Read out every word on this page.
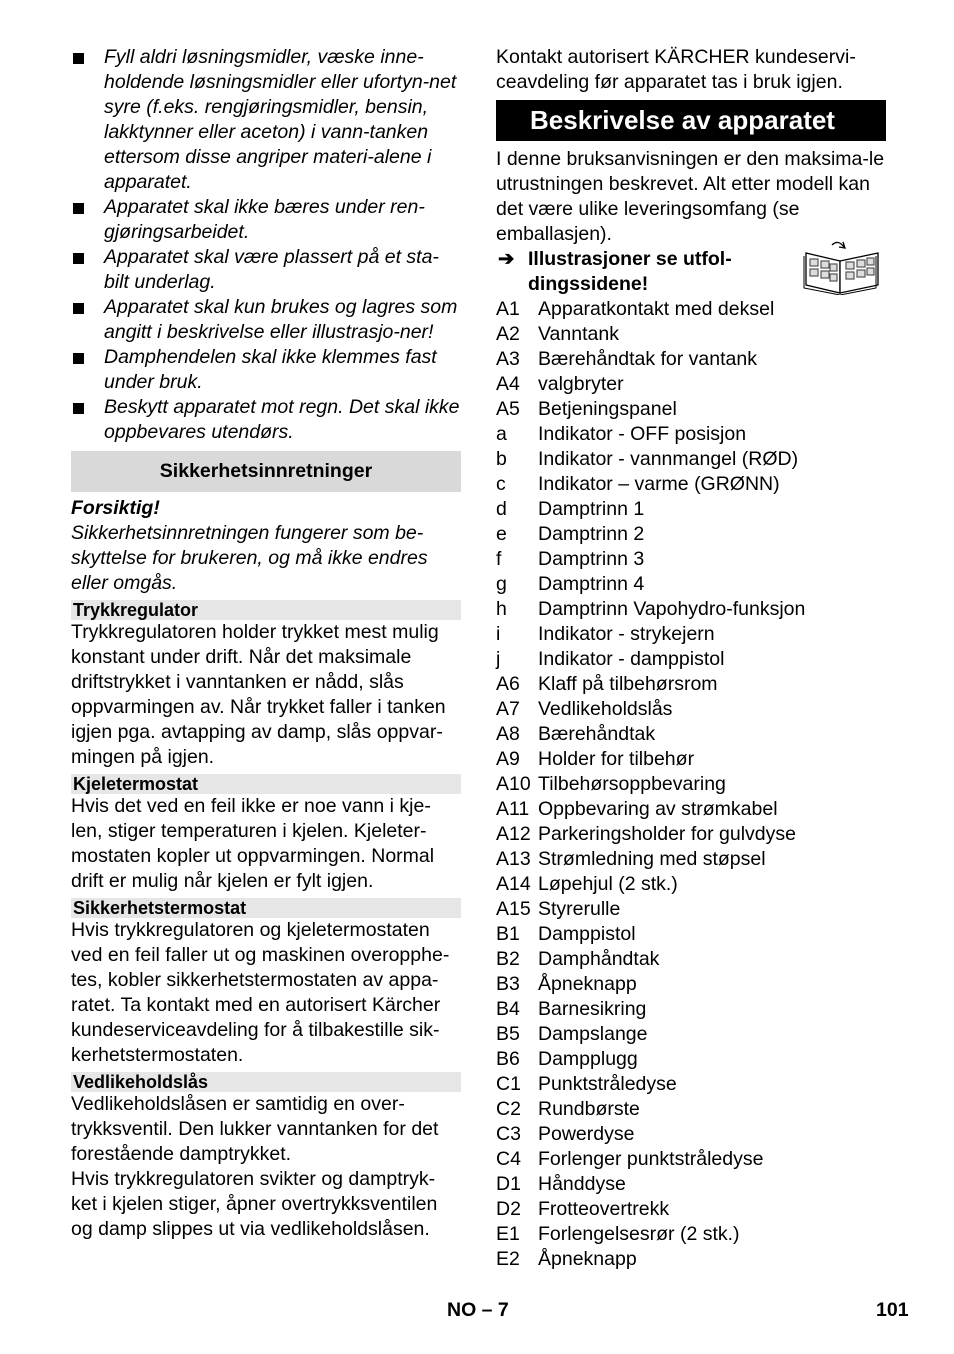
Fyll aldri løsningsmidler, væske inne-holdende løsningsmidler eller ufortyn-net syre (f.eks. rengjøringsmidler, bensin, lakktynner eller aceton) i vann-tanken ettersom disse angriper materi-alene i apparatet.
Apparatet skal ikke bæres under ren-gjøringsarbeidet.
Apparatet skal være plassert på et sta-bilt underlag.
Apparatet skal kun brukes og lagres som angitt i beskrivelse eller illustrasjo-ner!
Damphendelen skal ikke klemmes fast under bruk.
Beskytt apparatet mot regn. Det skal ikke oppbevares utendørs.
Sikkerhetsinnretninger
Forsiktig!

Sikkerhetsinnretningen fungerer som be-skyttelse for brukeren, og må ikke endres eller omgås.

Trykkregulator

Trykkregulatoren holder trykket mest mulig konstant under drift. Når det maksimale driftstrykket i vanntanken er nådd, slås oppvarmingen av. Når trykket faller i tanken igjen pga. avtapping av damp, slås oppvar-mingen på igjen.

Kjeletermostat

Hvis det ved en feil ikke er noe vann i kje-len, stiger temperaturen i kjelen. Kjeleter-mostaten kopler ut oppvarmingen. Normal drift er mulig når kjelen er fylt igjen.

Sikkerhetstermostat

Hvis trykkregulatoren og kjeletermostaten ved en feil faller ut og maskinen overopphe-tes, kobler sikkerhetstermostaten av appa-ratet. Ta kontakt med en autorisert Kärcher kundeserviceavdeling for å tilbakestille sik-kerhetstermostaten.

Vedlikeholdslås

Vedlikeholdslåsen er samtidig en over-trykksventil. Den lukker vanntanken for det forestående damptrykket.

Hvis trykkregulatoren svikter og damptryk-ket i kjelen stiger, åpner overtrykksventilen og damp slippes ut via vedlikeholdslåsen.

Kontakt autorisert KÄRCHER kundeservi-ceavdeling før apparatet tas i bruk igjen.

Beskrivelse av apparatet

I denne bruksanvisningen er den maksima-le utrustningen beskrevet. Alt etter modell kan det være ulike leveringsomfang (se emballasjen).

➔ Illustrasjoner se utfol-dingssidene!
A1 Apparatkontakt med deksel
A2 Vanntank
A3 Bærehåndtak for vantank
A4 valgbryter
A5 Betjeningspanel
a	Indikator - OFF posisjon
b	Indikator - vannmangel (RØD)
c	Indikator – varme (GRØNN)
d	Damptrinn 1
e	Damptrinn 2
f	Damptrinn 3
g	Damptrinn 4
h	Damptrinn Vapohydro-funksjon
i	Indikator - strykejern
j	Indikator - damppistol
A6 Klaff på tilbehørsrom
A7 Vedlikeholdslås
A8 Bærehåndtak
A9 Holder for tilbehør
A10 Tilbehørsoppbevaring
A11 Oppbevaring av strømkabel
A12 Parkeringsholder for gulvdyse
A13 Strømledning med støpsel
A14 Løpehjul (2 stk.)
A15 Styrerulle
B1 Damppistol
B2 Damphåndtak
B3 Åpneknapp
B4 Barnesikring
B5 Dampslange
B6 Dampplugg
C1 Punktstråledyse
C2 Rundbørste
C3 Powerdyse
C4 Forlenger punktstråledyse
D1 Hånddyse
D2 Frotteovertrekk
E1 Forlengelsesrør (2 stk.)
E2 Åpneknapp
NO – 7	101
